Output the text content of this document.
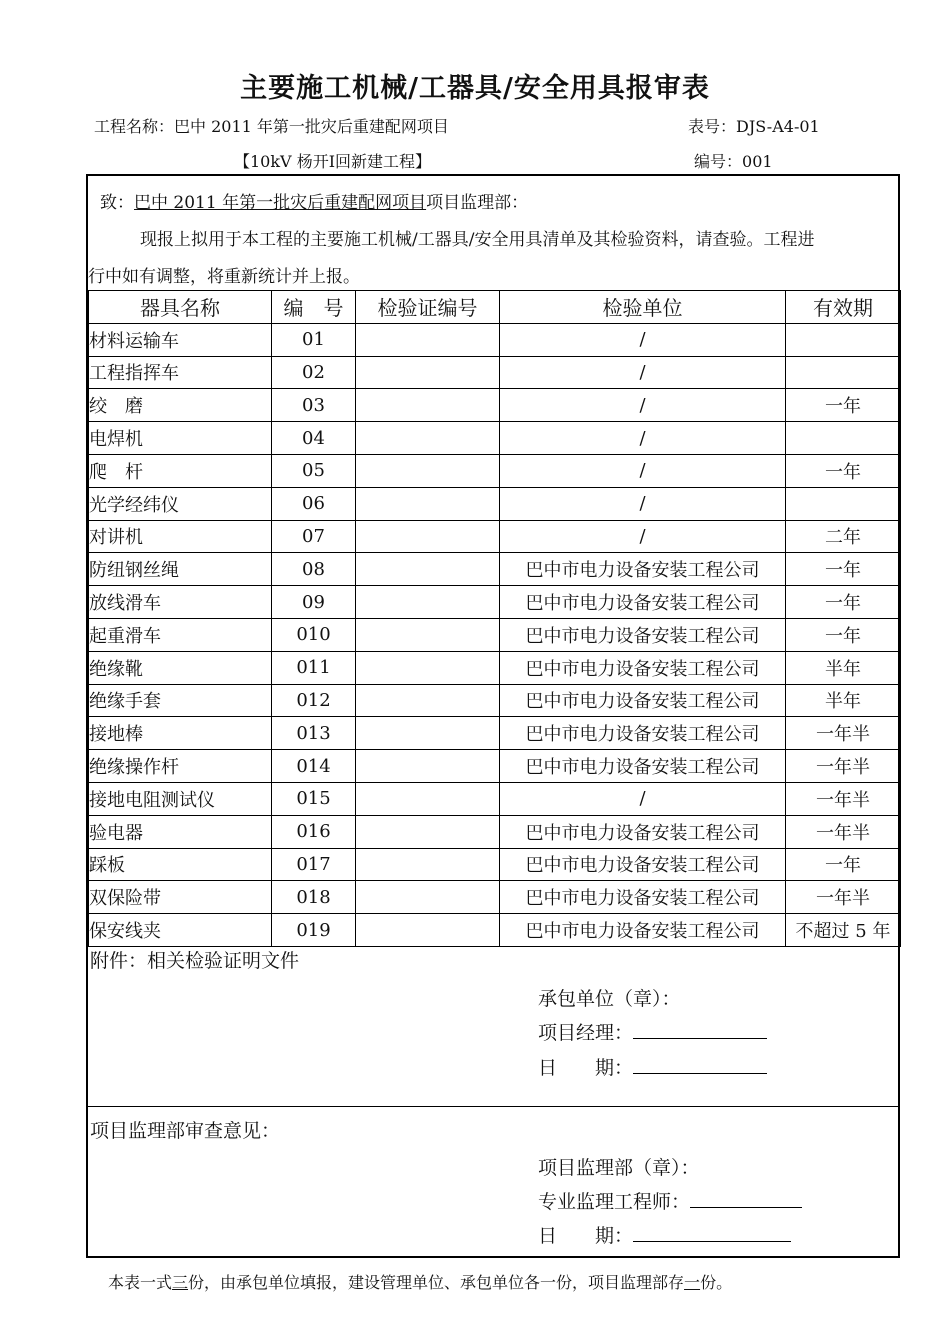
主要施工机械/工器具/安全用具报审表
工程名称：巴中 2011 年第一批灾后重建配网项目	表号：DJS-A4-01
【10kV 杨开Ⅰ回新建工程】	编号：001
致：巴中 2011 年第一批灾后重建配网项目项目监理部：
现报上拟用于本工程的主要施工机械/工器具/安全用具清单及其检验资料，请查验。工程进
行中如有调整，将重新统计并上报。
器具名称	编　号	检验证编号	检验单位	有效期
材料运输车	01		/	
工程指挥车	02		/	
绞　磨	03		/	一年
电焊机	04		/	
爬　杆	05		/	一年
光学经纬仪	06		/	
对讲机	07		/	二年
防纽钢丝绳	08		巴中市电力设备安装工程公司	一年
放线滑车	09		巴中市电力设备安装工程公司	一年
起重滑车	010		巴中市电力设备安装工程公司	一年
绝缘靴	011		巴中市电力设备安装工程公司	半年
绝缘手套	012		巴中市电力设备安装工程公司	半年
接地棒	013		巴中市电力设备安装工程公司	一年半
绝缘操作杆	014		巴中市电力设备安装工程公司	一年半
接地电阻测试仪	015		/	一年半
验电器	016		巴中市电力设备安装工程公司	一年半
踩板	017		巴中市电力设备安装工程公司	一年
双保险带	018		巴中市电力设备安装工程公司	一年半
保安线夹	019		巴中市电力设备安装工程公司	不超过 5 年
附件：相关检验证明文件
承包单位（章）：
项目经理：
日　　期：
项目监理部审查意见：
项目监理部（章）：
专业监理工程师：
日　　期：
本表一式三份，由承包单位填报，建设管理单位、承包单位各一份，项目监理部存一份。
